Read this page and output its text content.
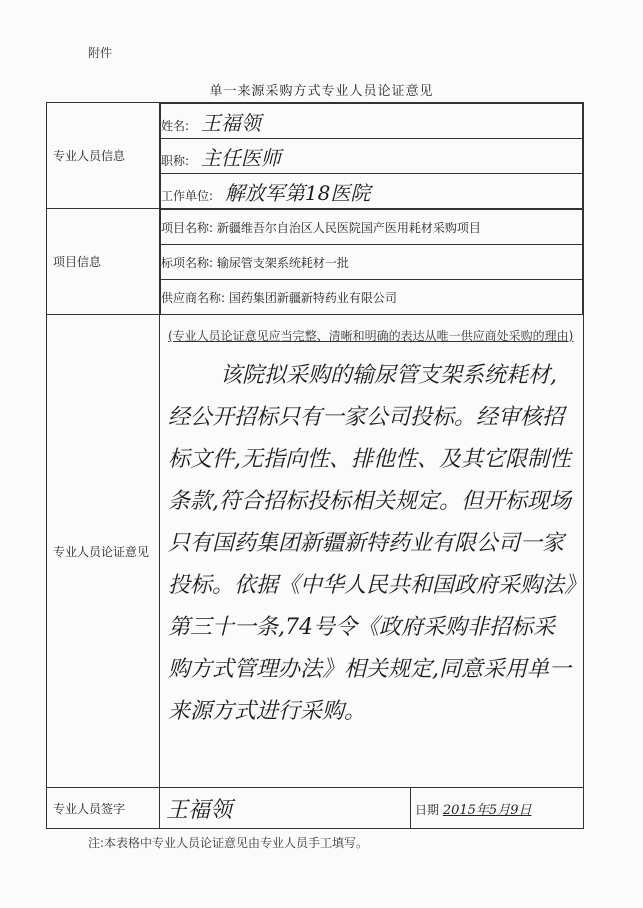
附件
单一来源采购方式专业人员论证意见
专业人员信息	
姓名: 王福领
职称: 主任医师
工作单位: 解放军第18医院

项目信息	
项目名称: 新疆维吾尔自治区人民医院国产医用耗材采购项目
标项名称: 输尿管支架系统耗材一批
供应商名称: 国药集团新疆新特药业有限公司

专业人员论证意见	
(专业人员论证意见应当完整、清晰和明确的表达从唯一供应商处采购的理由)
该院拟采购的输尿管支架系统耗材,经公开招标只有一家公司投标。经审核招标文件,无指向性、排他性、及其它限制性条款,符合招标投标相关规定。但开标现场只有国药集团新疆新特药业有限公司一家投标。依据《中华人民共和国政府采购法》第三十一条,74号令《政府采购非招标采购方式管理办法》相关规定,同意采用单一来源方式进行采购。

专业人员签字	王福领	日期 2015年5月9日
注:本表格中专业人员论证意见由专业人员手工填写。
